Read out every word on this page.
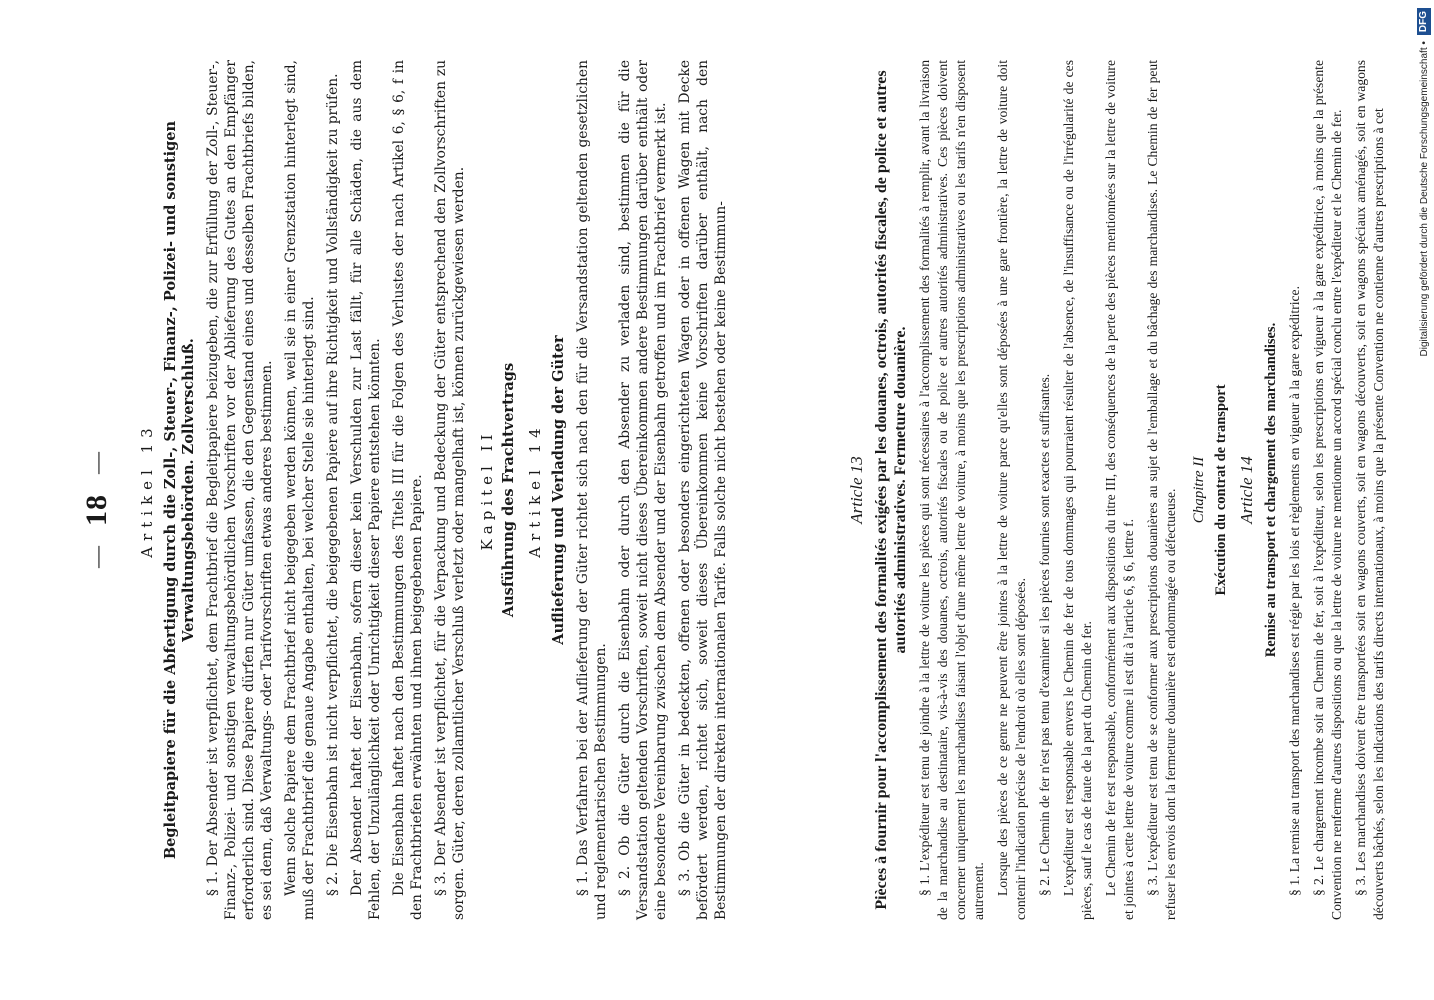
—
18
— Artikel 13 Begleitpapiere für die Abfertigung durch die Zoll-, Steuer-, Finanz-, Polizei- und sonstigen Verwaltungsbehörden. Zollverschluß. § 1. Der Absender ist verpflichtet, dem Frachtbrief die Begleitpapiere beizugeben, die zur Erfüllung der Zoll-, Steuer-, Finanz-, Polizei- und sonstigen verwaltungsbehördlichen Vorschriften vor der Ablieferung des Gutes an den Empfänger erforderlich sind. Diese Papiere dürfen nur Güter umfassen, die den Gegenstand eines und desselben Frachtbriefs bilden, es sei denn, daß Verwaltungs- oder Tarifvorschriften etwas anderes bestimmen. Wenn solche Papiere dem Frachtbrief nicht beigegeben werden können, weil sie in einer Grenzstation hinterlegt sind, muß der Frachtbrief die genaue Angabe enthalten, bei welcher Stelle sie hinterlegt sind. § 2. Die Eisenbahn ist nicht verpflichtet, die beigegebenen Papiere auf ihre Richtigkeit und Vollständigkeit zu prüfen. Der Absender haftet der Eisenbahn, sofern dieser kein Verschulden zur Last fällt, für alle Schäden, die aus dem Fehlen, der Unzulänglichkeit oder Unrichtigkeit dieser Papiere entstehen könnten. Die Eisenbahn haftet nach den Bestimmungen des Titels III für die Folgen des Verlustes der nach Artikel 6, § 6, f in den Frachtbriefen erwähnten und ihnen beigegebenen Papiere. § 3. Der Absender ist verpflichtet, für die Verpackung und Bedeckung der Güter entsprechend den Zollvorschriften zu sorgen. Güter, deren zollamtlicher Verschluß verletzt oder mangelhaft ist, können zurückgewiesen werden. Kapitel II Ausführung des Frachtvertrags Artikel 14 Auflieferung und Verladung der Güter § 1. Das Verfahren bei der Auflieferung der Güter richtet sich nach den für die Versandstation geltenden gesetzlichen und reglementarischen Bestimmungen. § 2. Ob die Güter durch die Eisenbahn oder durch den Absender zu verladen sind, bestimmen die für die Versandstation geltenden Vorschriften, soweit nicht dieses Übereinkommen andere Bestimmungen darüber enthält oder eine besondere Vereinbarung zwischen dem Absender und der Eisenbahn getroffen und im Frachtbrief vermerkt ist. § 3. Ob die Güter in bedeckten, offenen oder besonders eingerichteten Wagen oder in offenen Wagen mit Decke befördert werden, richtet sich, soweit dieses Übereinkommen keine Vorschriften darüber enthält, nach den Bestimmungen der direkten internationalen Tarife. Falls solche nicht bestehen oder keine Bestimmun-	Article 13 Pièces à fournir pour l'accomplissement des formalités exigées par les douanes, octrois, autorités fiscales, de police et autres autorités administratives. Fermeture douanière. § 1. L'expéditeur est tenu de joindre à la lettre de voiture les pièces qui sont nécessaires à l'accomplissement des formalités à remplir, avant la livraison de la marchandise au destinataire, vis-à-vis des douanes, octrois, autorités fiscales ou de police et autres autorités administratives. Ces pièces doivent concerner uniquement les marchandises faisant l'objet d'une même lettre de voiture, à moins que les prescriptions administratives ou les tarifs n'en disposent autrement. Lorsque des pièces de ce genre ne peuvent être jointes à la lettre de voiture parce qu'elles sont déposées à une gare frontière, la lettre de voiture doit contenir l'indication précise de l'endroit où elles sont déposées. § 2. Le Chemin de fer n'est pas tenu d'examiner si les pièces fournies sont exactes et suffisantes. L'expéditeur est responsable envers le Chemin de fer de tous dommages qui pourraient résulter de l'absence, de l'insuffisance ou de l'irrégularité de ces pièces, sauf le cas de faute de la part du Chemin de fer. Le Chemin de fer est responsable, conformément aux dispositions du titre III, des conséquences de la perte des pièces mentionnées sur la lettre de voiture et jointes à cette lettre de voiture comme il est dit à l'article 6, § 6, lettre f. § 3. L'expéditeur est tenu de se conformer aux prescriptions douanières au sujet de l'emballage et du bâchage des marchandises. Le Chemin de fer peut refuser les envois dont la fermeture douanière est endommagée ou défectueuse. Chapitre II Exécution du contrat de transport Article 14 Remise au transport et chargement des marchandises. § 1. La remise au transport des marchandises est régie par les lois et règlements en vigueur à la gare expéditrice. § 2. Le chargement incombe soit au Chemin de fer, soit à l'expéditeur, selon les prescriptions en vigueur à la gare expéditrice, à moins que la présente Convention ne renferme d'autres dispositions ou que la lettre de voiture ne mentionne un accord spécial conclu entre l'expéditeur et le Chemin de fer. § 3. Les marchandises doivent être transportées soit en wagons couverts, soit en wagons découverts, soit en wagons spéciaux aménagés, soit en wagons découverts bâchés, selon les indications des tarifs directs internationaux, à moins que la présente Convention ne contienne d'autres prescriptions à cet	Digitalisierung gefördert durch die Deutsche Forschungsgemeinschaft •
DFG
